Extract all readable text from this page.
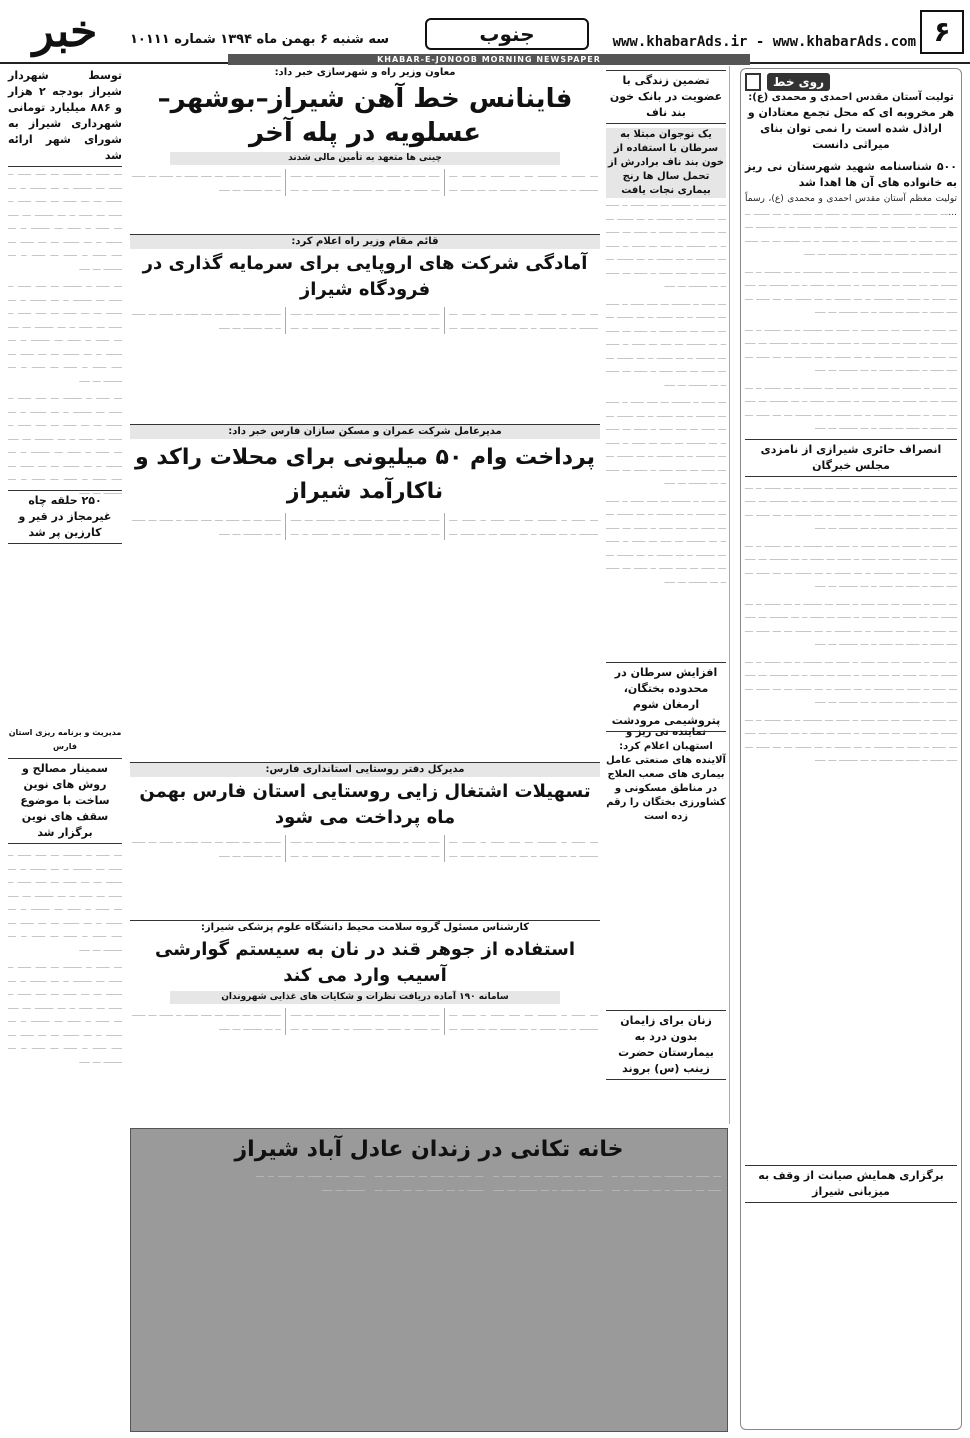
۶
www.khabarAds.ir - www.khabarAds.com
جنوب
سه شنبه ۶ بهمن ماه ۱۳۹۴ شماره ۱۰۱۱۱
خبر
KHABAR-E-JONOOB MORNING NEWSPAPER
روی خط
تولیت آستان مقدس احمدی و محمدی (ع):
هر مخروبه ای که محل تجمع معتادان و اراذل شده است را نمی توان بنای میراثی دانست
۵۰۰ شناسنامه شهید شهرستان نی ریز به خانواده های آن ها اهدا شد

تولیت معظم آستان مقدس احمدی و محمدی (ع)، رسماً ... ـــ ـــــ ــ ـــــــ ـــ ــــ ـــــ ــ ـــــ ـــ ـــــــ ــ ـــ ــــــ ــ ـــ ــــــ ـــ ـــ ـــــ ـــ ــــ ـــــ ــ ـــــ ـــ ـــــ ــ ـــ ـــــــ ـــ ــــ ـــ ـــــ ــ ـــــ ـــ ـــــــ ــ ـــ ــــــ ــ ـــ ــــــ ـــ ـــ ـــــ ـــ ــــ ـــــ ــ ـــــ ـــ ـــــ ــ ـــ ـــــــ ـــ ــــ

ـــ ـــــ ــ ـــــــ ـــ ــــ ـــــ ــ ـــــ ـــ ـــــــ ــ ـــ ــــــ ــ ـــ ــــــ ـــ ـــ ـــــ ـــ ــــ ـــــ ــ ـــــ ـــ ـــــ ــ ـــ ـــــــ ـــ ــــ ـــ ـــــ ــ ـــــ ـــ ـــــــ ــ ـــ ــــــ ــ ـــ ــــــ ـــ ـــ ـــــ ـــ ــــ ـــــ ــ ـــــ ـــ ـــــ ــ ـــ ـــــــ ـــ ــــ

ـــ ـــــ ــ ـــــــ ـــ ــــ ـــــ ــ ـــــ ـــ ـــــــ ــ ـــ ــــــ ــ ـــ ــــــ ـــ ـــ ـــــ ـــ ــــ ـــــ ــ ـــــ ـــ ـــــ ــ ـــ ـــــــ ـــ ــــ ـــ ـــــ ــ ـــــ ـــ ـــــــ ــ ـــ ــــــ ــ ـــ ــــــ ـــ ـــ ـــــ ـــ ــــ ـــــ ــ ـــــ ـــ ـــــ ــ ـــ ـــــــ ـــ ــــ

ـــ ـــــ ــ ـــــــ ـــ ــــ ـــــ ــ ـــــ ـــ ـــــــ ــ ـــ ــــــ ــ ـــ ــــــ ـــ ـــ ـــــ ـــ ــــ ـــــ ــ ـــــ ـــ ـــــ ــ ـــ ـــــــ ـــ ــــ ـــ ـــــ ــ ـــــ ـــ ـــــــ ــ ـــ ــــــ ــ ـــ ــــــ ـــ ـــ ـــــ ـــ ــــ ـــــ ــ ـــــ ـــ ـــــ ــ ـــ ـــــــ ـــ ــــ

انصراف حائری شیرازی از نامزدی مجلس خبرگان

ـــ ـــــ ــ ـــــــ ـــ ــــ ـــــ ــ ـــــ ـــ ـــــــ ــ ـــ ــــــ ــ ـــ ــــــ ـــ ـــ ـــــ ـــ ــــ ـــــ ــ ـــــ ـــ ـــــ ــ ـــ ـــــــ ـــ ــــ ـــ ـــــ ــ ـــــ ـــ ـــــــ ــ ـــ ــــــ ــ ـــ ــــــ ـــ ـــ ـــــ ـــ ــــ ـــــ ــ ـــــ ـــ ـــــ ــ ـــ ـــــــ ـــ ــــ

ـــ ـــــ ــ ـــــــ ـــ ــــ ـــــ ــ ـــــ ـــ ـــــــ ــ ـــ ــــــ ــ ـــ ــــــ ـــ ـــ ـــــ ـــ ــــ ـــــ ــ ـــــ ـــ ـــــ ــ ـــ ـــــــ ـــ ــــ ـــ ـــــ ــ ـــــ ـــ ـــــــ ــ ـــ ــــــ ــ ـــ ــــــ ـــ ـــ ـــــ ـــ ــــ ـــــ ــ ـــــ ـــ ـــــ ــ ـــ ـــــــ ـــ ــــ

ـــ ـــــ ــ ـــــــ ـــ ــــ ـــــ ــ ـــــ ـــ ـــــــ ــ ـــ ــــــ ــ ـــ ــــــ ـــ ـــ ـــــ ـــ ــــ ـــــ ــ ـــــ ـــ ـــــ ــ ـــ ـــــــ ـــ ــــ ـــ ـــــ ــ ـــــ ـــ ـــــــ ــ ـــ ــــــ ــ ـــ ــــــ ـــ ـــ ـــــ ـــ ــــ ـــــ ــ ـــــ ـــ ـــــ ــ ـــ ـــــــ ـــ ــــ

ـــ ـــــ ــ ـــــــ ـــ ــــ ـــــ ــ ـــــ ـــ ـــــــ ــ ـــ ــــــ ــ ـــ ــــــ ـــ ـــ ـــــ ـــ ــــ ـــــ ــ ـــــ ـــ ـــــ ــ ـــ ـــــــ ـــ ــــ ـــ ـــــ ــ ـــــ ـــ ـــــــ ــ ـــ ــــــ ــ ـــ ــــــ ـــ ـــ ـــــ ـــ ــــ ـــــ ــ ـــــ ـــ ـــــ ــ ـــ ـــــــ ـــ ــــ

ـــ ـــــ ــ ـــــــ ـــ ــــ ـــــ ــ ـــــ ـــ ـــــــ ــ ـــ ــــــ ــ ـــ ــــــ ـــ ـــ ـــــ ـــ ــــ ـــــ ــ ـــــ ـــ ـــــ ــ ـــ ـــــــ ـــ ــــ ـــ ـــــ ــ ـــــ ـــ ـــــــ ــ ـــ ــــــ ــ ـــ ــــــ ـــ ـــ ـــــ ـــ ــــ ـــــ ــ ـــــ ـــ ـــــ ــ ـــ ـــــــ ـــ ــــ

برگزاری همایش صیانت از وقف به میزبانی شیراز
تضمین زندگی با عضویت در بانک خون بند ناف
یک نوجوان مبتلا به سرطان با استفاده از خون بند ناف برادرش از تحمل سال ها رنج بیماری نجات یافت

ـــ ـــــ ــ ـــــــ ـــ ــــ ـــــ ــ ـــــ ـــ ـــــــ ــ ـــ ــــــ ــ ـــ ــــــ ـــ ـــ ـــــ ـــ ــــ ـــــ ــ ـــــ ـــ ـــــ ــ ـــ ـــــــ ـــ ــــ ـــ ـــــ ــ ـــــ ـــ ـــــــ ــ ـــ ــــــ ــ ـــ ــــــ ـــ ـــ ـــــ ـــ ــــ ـــــ ــ ـــــ ـــ ـــــ ــ ـــ ـــــــ ـــ ــــ

ـــ ـــــ ــ ـــــــ ـــ ــــ ـــــ ــ ـــــ ـــ ـــــــ ــ ـــ ــــــ ــ ـــ ــــــ ـــ ـــ ـــــ ـــ ــــ ـــــ ــ ـــــ ـــ ـــــ ــ ـــ ـــــــ ـــ ــــ ـــ ـــــ ــ ـــــ ـــ ـــــــ ــ ـــ ــــــ ــ ـــ ــــــ ـــ ـــ ـــــ ـــ ــــ ـــــ ــ ـــــ ـــ ـــــ ــ ـــ ـــــــ ـــ ــــ

ـــ ـــــ ــ ـــــــ ـــ ــــ ـــــ ــ ـــــ ـــ ـــــــ ــ ـــ ــــــ ــ ـــ ــــــ ـــ ـــ ـــــ ـــ ــــ ـــــ ــ ـــــ ـــ ـــــ ــ ـــ ـــــــ ـــ ــــ ـــ ـــــ ــ ـــــ ـــ ـــــــ ــ ـــ ــــــ ــ ـــ ــــــ ـــ ـــ ـــــ ـــ ــــ ـــــ ــ ـــــ ـــ ـــــ ــ ـــ ـــــــ ـــ ــــ

ـــ ـــــ ــ ـــــــ ـــ ــــ ـــــ ــ ـــــ ـــ ـــــــ ــ ـــ ــــــ ــ ـــ ــــــ ـــ ـــ ـــــ ـــ ــــ ـــــ ــ ـــــ ـــ ـــــ ــ ـــ ـــــــ ـــ ــــ ـــ ـــــ ــ ـــــ ـــ ـــــــ ــ ـــ ــــــ ــ ـــ ــــــ ـــ ـــ ـــــ ـــ ــــ ـــــ ــ ـــــ ـــ ـــــ ــ ـــ ـــــــ ـــ ــــ

افزایش سرطان در محدوده بختگان، ارمغان شوم پتروشیمی مرودشت
نماینده نی ریز و استهبان اعلام کرد: آلاینده های صنعتی عامل بیماری های صعب العلاج در مناطق مسکونی و کشاورزی بختگان را رقم زده است
زنان برای زایمان بدون درد به بیمارستان حضرت زینب (س) بروند
معاون وزیر راه و شهرسازی خبر داد:
فاینانس خط آهن شیراز–بوشهر–عسلویه در پله آخر
چینی ها متعهد به تأمین مالی شدند
ـــ ـــــ ــ ـــــــ ـــ ــــ ـــــ ــ ـــــ ـــ ـــــــ ــ ـــ ــــــ ــ ـــ ــــــ ـــ ـــ ـــــ ـــ ــــ ـــــ ــ ـــــ ـــ ـــــ ــ ـــ ـــــــ ـــ ــــ ـــ ـــــ ــ ـــــ ـــ ـــــــ ــ ـــ ــــــ ــ ـــ ــــــ ـــ ـــ ـــــ ـــ ــــ ـــــ ــ ـــــ ـــ ـــــ ــ ـــ ـــــــ ـــ ــــ
قائم مقام وزیر راه اعلام کرد:
آمادگی شرکت های اروپایی برای سرمایه گذاری در فرودگاه شیراز
ـــ ـــــ ــ ـــــــ ـــ ــــ ـــــ ــ ـــــ ـــ ـــــــ ــ ـــ ــــــ ــ ـــ ــــــ ـــ ـــ ـــــ ـــ ــــ ـــــ ــ ـــــ ـــ ـــــ ــ ـــ ـــــــ ـــ ــــ ـــ ـــــ ــ ـــــ ـــ ـــــــ ــ ـــ ــــــ ــ ـــ ــــــ ـــ ـــ ـــــ ـــ ــــ ـــــ ــ ـــــ ـــ ـــــ ــ ـــ ـــــــ ـــ ــــ
مدیرعامل شرکت عمران و مسکن سازان فارس خبر داد:
پرداخت وام ۵۰ میلیونی برای محلات راکد و ناکارآمد شیراز
ـــ ـــــ ــ ـــــــ ـــ ــــ ـــــ ــ ـــــ ـــ ـــــــ ــ ـــ ــــــ ــ ـــ ــــــ ـــ ـــ ـــــ ـــ ــــ ـــــ ــ ـــــ ـــ ـــــ ــ ـــ ـــــــ ـــ ــــ ـــ ـــــ ــ ـــــ ـــ ـــــــ ــ ـــ ــــــ ــ ـــ ــــــ ـــ ـــ ـــــ ـــ ــــ ـــــ ــ ـــــ ـــ ـــــ ــ ـــ ـــــــ ـــ ــــ
مدیرکل دفتر روستایی استانداری فارس:
تسهیلات اشتغال زایی روستایی استان فارس بهمن ماه پرداخت می شود
ـــ ـــــ ــ ـــــــ ـــ ــــ ـــــ ــ ـــــ ـــ ـــــــ ــ ـــ ــــــ ــ ـــ ــــــ ـــ ـــ ـــــ ـــ ــــ ـــــ ــ ـــــ ـــ ـــــ ــ ـــ ـــــــ ـــ ــــ ـــ ـــــ ــ ـــــ ـــ ـــــــ ــ ـــ ــــــ ــ ـــ ــــــ ـــ ـــ ـــــ ـــ ــــ ـــــ ــ ـــــ ـــ ـــــ ــ ـــ ـــــــ ـــ ــــ
کارشناس مسئول گروه سلامت محیط دانشگاه علوم پزشکی شیراز:
استفاده از جوهر قند در نان به سیستم گوارشی آسیب وارد می کند
سامانه ۱۹۰ آماده دریافت نظرات و شکایات های غذایی شهروندان
ـــ ـــــ ــ ـــــــ ـــ ــــ ـــــ ــ ـــــ ـــ ـــــــ ــ ـــ ــــــ ــ ـــ ــــــ ـــ ـــ ـــــ ـــ ــــ ـــــ ــ ـــــ ـــ ـــــ ــ ـــ ـــــــ ـــ ــــ ـــ ـــــ ــ ـــــ ـــ ـــــــ ــ ـــ ــــــ ــ ـــ ــــــ ـــ ـــ ـــــ ـــ ــــ ـــــ ــ ـــــ ـــ ـــــ ــ ـــ ـــــــ ـــ ــــ
خانه تکانی در زندان عادل آباد شیراز
ـــ ـــــ ــ ـــــــ ـــ ــــ ـــــ ــ ـــــ ـــ ـــــــ ــ ـــ ــــــ ــ ـــ ــــــ ـــ ـــ ـــــ ـــ ــــ ـــــ ــ ـــــ ـــ ـــــ ــ ـــ ـــــــ ـــ ــــ ـــ ـــــ ــ ـــــ ـــ ـــــــ ــ ـــ ــــــ ــ ـــ ــــــ ـــ ـــ ـــــ ـــ ــــ ـــــ ــ ـــــ ـــ ـــــ ــ ـــ ـــــــ ـــ ــــ
توسط شهردار شیراز بودجه ۲ هزار و ۸۸۶ میلیارد تومانی شهرداری شیراز به شورای شهر ارائه شد

ـــ ـــــ ــ ـــــــ ـــ ــــ ـــــ ــ ـــــ ـــ ـــــــ ــ ـــ ــــــ ــ ـــ ــــــ ـــ ـــ ـــــ ـــ ــــ ـــــ ــ ـــــ ـــ ـــــ ــ ـــ ـــــــ ـــ ــــ ـــ ـــــ ــ ـــــ ـــ ـــــــ ــ ـــ ــــــ ــ ـــ ــــــ ـــ ـــ ـــــ ـــ ــــ ـــــ ــ ـــــ ـــ ـــــ ــ ـــ ـــــــ ـــ ــــ

ـــ ـــــ ــ ـــــــ ـــ ــــ ـــــ ــ ـــــ ـــ ـــــــ ــ ـــ ــــــ ــ ـــ ــــــ ـــ ـــ ـــــ ـــ ــــ ـــــ ــ ـــــ ـــ ـــــ ــ ـــ ـــــــ ـــ ــــ ـــ ـــــ ــ ـــــ ـــ ـــــــ ــ ـــ ــــــ ــ ـــ ــــــ ـــ ـــ ـــــ ـــ ــــ ـــــ ــ ـــــ ـــ ـــــ ــ ـــ ـــــــ ـــ ــــ

ـــ ـــــ ــ ـــــــ ـــ ــــ ـــــ ــ ـــــ ـــ ـــــــ ــ ـــ ــــــ ــ ـــ ــــــ ـــ ـــ ـــــ ـــ ــــ ـــــ ــ ـــــ ـــ ـــــ ــ ـــ ـــــــ ـــ ــــ ـــ ـــــ ــ ـــــ ـــ ـــــــ ــ ـــ ــــــ ــ ـــ ــــــ ـــ ـــ ـــــ ـــ ــــ ـــــ ــ ـــــ ـــ ـــــ ــ ـــ ـــــــ ـــ ــــ

۲۵۰ حلقه چاه غیرمجاز در قیر و کارزین پر شد
مدیریت و برنامه ریزی استان فارس
سمینار مصالح و روش های نوین ساخت با موضوع سقف های نوین برگزار شد

ـــ ـــــ ــ ـــــــ ـــ ــــ ـــــ ــ ـــــ ـــ ـــــــ ــ ـــ ــــــ ــ ـــ ــــــ ـــ ـــ ـــــ ـــ ــــ ـــــ ــ ـــــ ـــ ـــــ ــ ـــ ـــــــ ـــ ــــ ـــ ـــــ ــ ـــــ ـــ ـــــــ ــ ـــ ــــــ ــ ـــ ــــــ ـــ ـــ ـــــ ـــ ــــ ـــــ ــ ـــــ ـــ ـــــ ــ ـــ ـــــــ ـــ ــــ

ـــ ـــــ ــ ـــــــ ـــ ــــ ـــــ ــ ـــــ ـــ ـــــــ ــ ـــ ــــــ ــ ـــ ــــــ ـــ ـــ ـــــ ـــ ــــ ـــــ ــ ـــــ ـــ ـــــ ــ ـــ ـــــــ ـــ ــــ ـــ ـــــ ــ ـــــ ـــ ـــــــ ــ ـــ ــــــ ــ ـــ ــــــ ـــ ـــ ـــــ ـــ ــــ ـــــ ــ ـــــ ـــ ـــــ ــ ـــ ـــــــ ـــ ــــ
